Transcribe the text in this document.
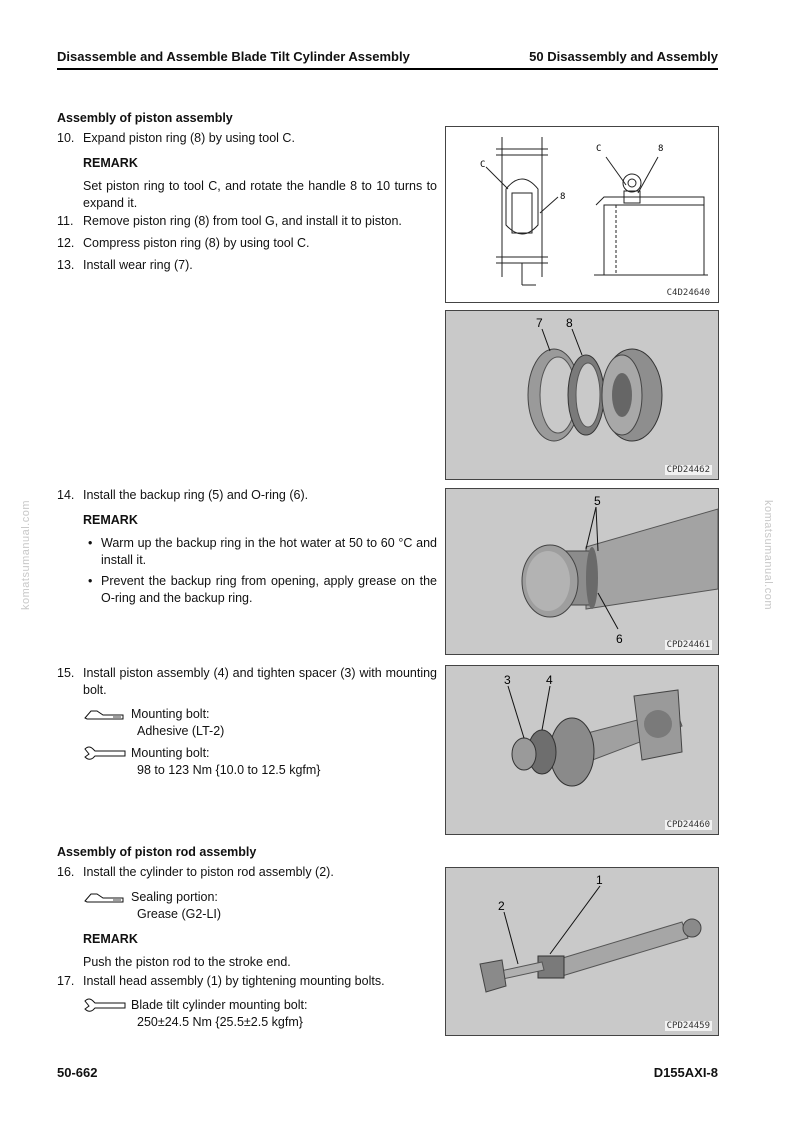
Disassemble and Assemble Blade Tilt Cylinder Assembly	50 Disassembly and Assembly
komatsumanual.com	komatsumanual.com
Assembly of piston assembly
10. Expand piston ring (8) by using tool C.
REMARK
Set piston ring to tool C, and rotate the handle 8 to 10 turns to expand it.
11. Remove piston ring (8) from tool G, and install it to piston.
12. Compress piston ring (8) by using tool C.
13. Install wear ring (7).
C
8
C	8
C4D24640
7 8
CPD24462
14. Install the backup ring (5) and O-ring (6).
REMARK
• Warm up the backup ring in the hot water at 50 to 60 °C and install it.
• Prevent the backup ring from opening, apply grease on the O-ring and the backup ring.
5
6	CPD24461
15. Install piston assembly (4) and tighten spacer (3) with mounting bolt.
Mounting bolt:
Adhesive (LT-2)
Mounting bolt:
98 to 123 Nm {10.0 to 12.5 kgfm}
3	4
CPD24460
Assembly of piston rod assembly
16. Install the cylinder to piston rod assembly (2).
Sealing portion:
Grease (G2-LI)
REMARK
Push the piston rod to the stroke end.
17. Install head assembly (1) by tightening mounting bolts.
Blade tilt cylinder mounting bolt:
250±24.5 Nm {25.5±2.5 kgfm}
1
2
CPD24459
50-662	D155AXI-8
